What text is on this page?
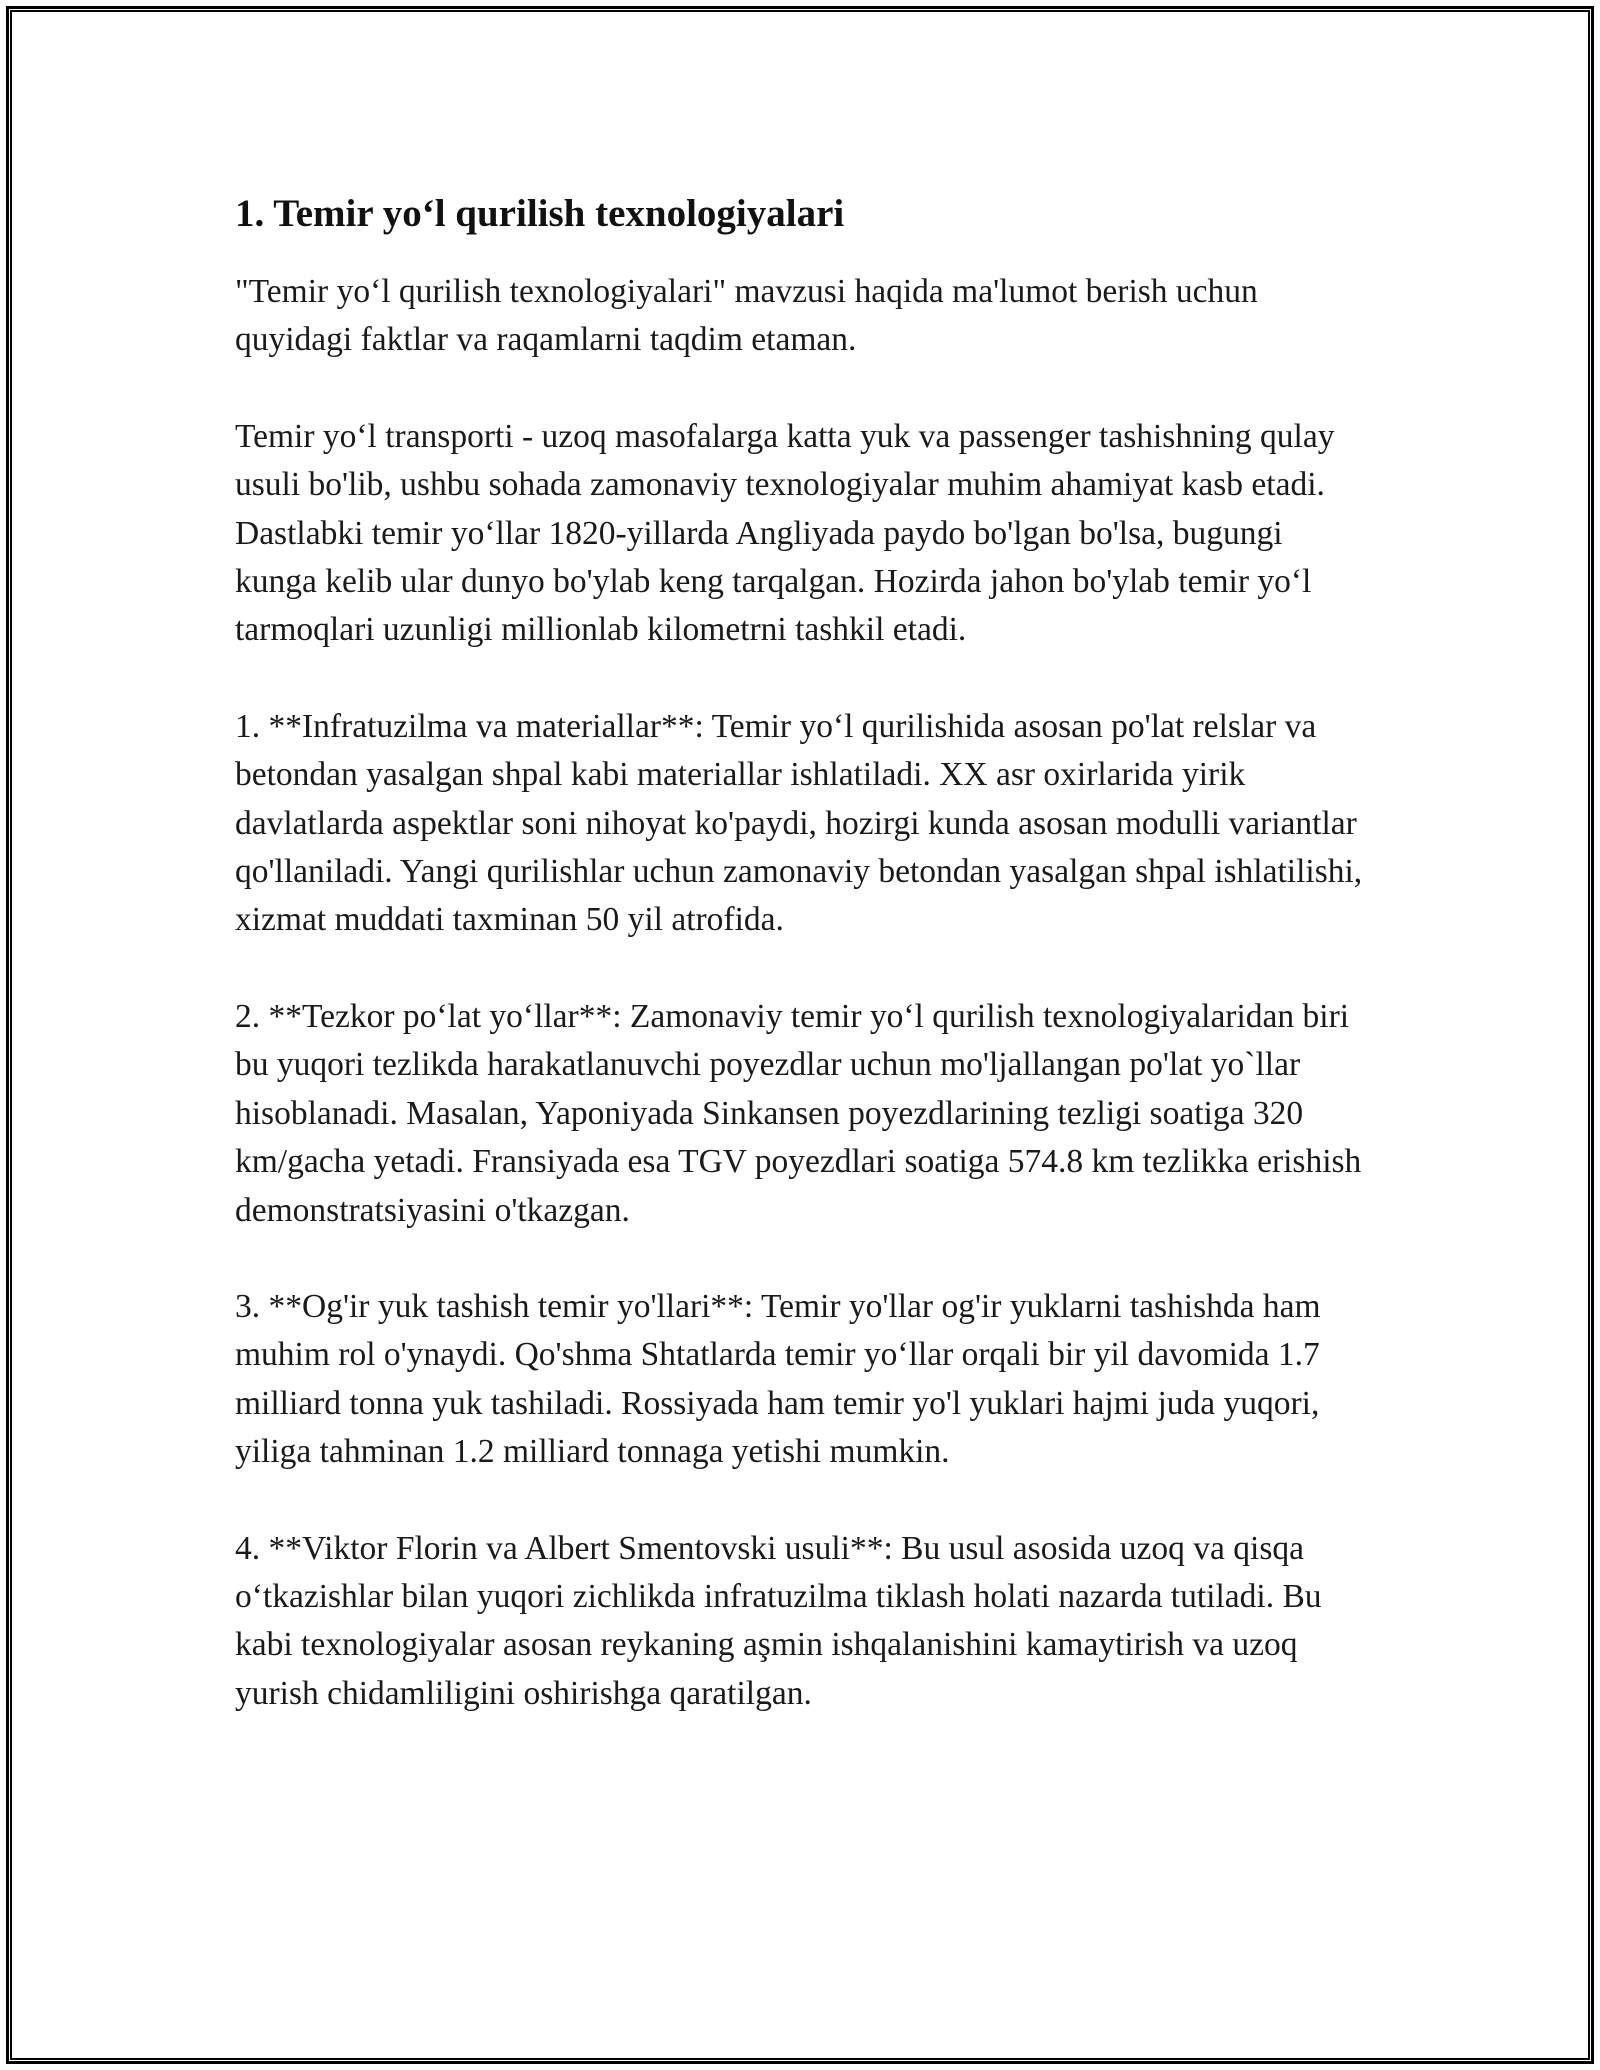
1. Temir yo‘l qurilish texnologiyalari

"Temir yo‘l qurilish texnologiyalari" mavzusi haqida ma'lumot berish uchun quyidagi faktlar va raqamlarni taqdim etaman.

Temir yo‘l transporti - uzoq masofalarga katta yuk va passenger tashishning qulay usuli bo'lib, ushbu sohada zamonaviy texnologiyalar muhim ahamiyat kasb etadi. Dastlabki temir yo‘llar 1820-yillarda Angliyada paydo bo'lgan bo'lsa, bugungi kunga kelib ular dunyo bo'ylab keng tarqalgan. Hozirda jahon bo'ylab temir yo‘l tarmoqlari uzunligi millionlab kilometrni tashkil etadi.

1. **Infratuzilma va materiallar**: Temir yo‘l qurilishida asosan po'lat relslar va betondan yasalgan shpal kabi materiallar ishlatiladi. XX asr oxirlarida yirik davlatlarda aspektlar soni nihoyat ko'paydi, hozirgi kunda asosan modulli variantlar qo'llaniladi. Yangi qurilishlar uchun zamonaviy betondan yasalgan shpal ishlatilishi, xizmat muddati taxminan 50 yil atrofida.

2. **Tezkor po‘lat yo‘llar**: Zamonaviy temir yo‘l qurilish texnologiyalaridan biri bu yuqori tezlikda harakatlanuvchi poyezdlar uchun mo'ljallangan po'lat yo`llar hisoblanadi. Masalan, Yaponiyada Sinkansen poyezdlarining tezligi soatiga 320 km/gacha yetadi. Fransiyada esa TGV poyezdlari soatiga 574.8 km tezlikka erishish demonstratsiyasini o'tkazgan.

3. **Og'ir yuk tashish temir yo'llari**: Temir yo'llar og'ir yuklarni tashishda ham muhim rol o'ynaydi. Qo'shma Shtatlarda temir yo‘llar orqali bir yil davomida 1.7 milliard tonna yuk tashiladi. Rossiyada ham temir yo'l yuklari hajmi juda yuqori, yiliga tahminan 1.2 milliard tonnaga yetishi mumkin.

4. **Viktor Florin va Albert Smentovski usuli**: Bu usul asosida uzoq va qisqa o‘tkazishlar bilan yuqori zichlikda infratuzilma tiklash holati nazarda tutiladi. Bu kabi texnologiyalar asosan reykaning aşmin ishqalanishini kamaytirish va uzoq yurish chidamliligini oshirishga qaratilgan.
